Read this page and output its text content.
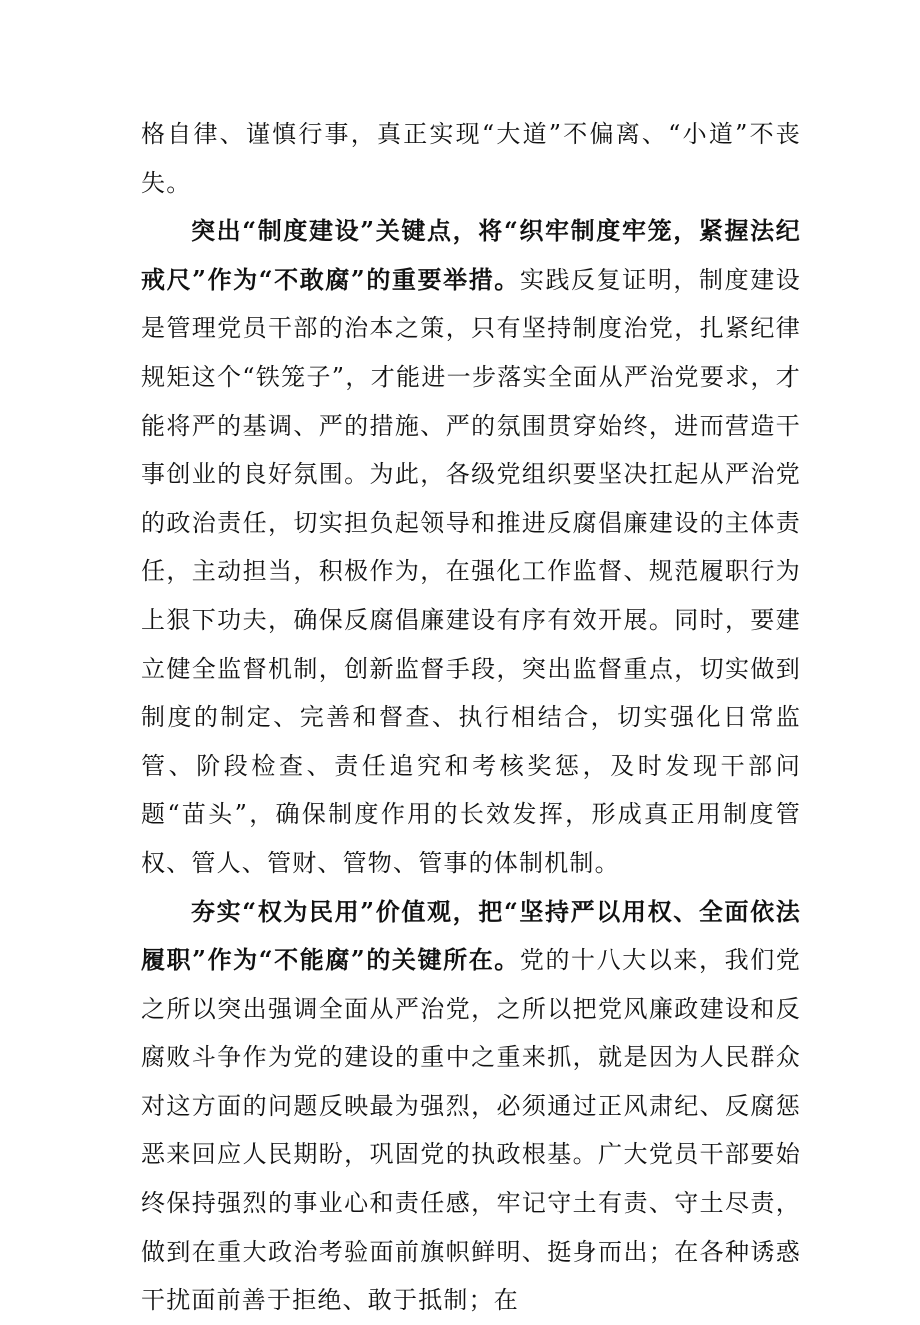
格自律、谨慎行事，真正实现“大道”不偏离、“小道”不丧失。

突出“制度建设”关键点，将“织牢制度牢笼，紧握法纪戒尺”作为“不敢腐”的重要举措。实践反复证明，制度建设是管理党员干部的治本之策，只有坚持制度治党，扎紧纪律规矩这个“铁笼子”，才能进一步落实全面从严治党要求，才能将严的基调、严的措施、严的氛围贯穿始终，进而营造干事创业的良好氛围。为此，各级党组织要坚决扛起从严治党的政治责任，切实担负起领导和推进反腐倡廉建设的主体责任，主动担当，积极作为，在强化工作监督、规范履职行为上狠下功夫，确保反腐倡廉建设有序有效开展。同时，要建立健全监督机制，创新监督手段，突出监督重点，切实做到制度的制定、完善和督查、执行相结合，切实强化日常监管、阶段检查、责任追究和考核奖惩，及时发现干部问题“苗头”，确保制度作用的长效发挥，形成真正用制度管权、管人、管财、管物、管事的体制机制。

夯实“权为民用”价值观，把“坚持严以用权、全面依法履职”作为“不能腐”的关键所在。党的十八大以来，我们党之所以突出强调全面从严治党，之所以把党风廉政建设和反腐败斗争作为党的建设的重中之重来抓，就是因为人民群众对这方面的问题反映最为强烈，必须通过正风肃纪、反腐惩恶来回应人民期盼，巩固党的执政根基。广大党员干部要始终保持强烈的事业心和责任感，牢记守土有责、守土尽责，做到在重大政治考验面前旗帜鲜明、挺身而出；在各种诱惑干扰面前善于拒绝、敢于抵制；在
